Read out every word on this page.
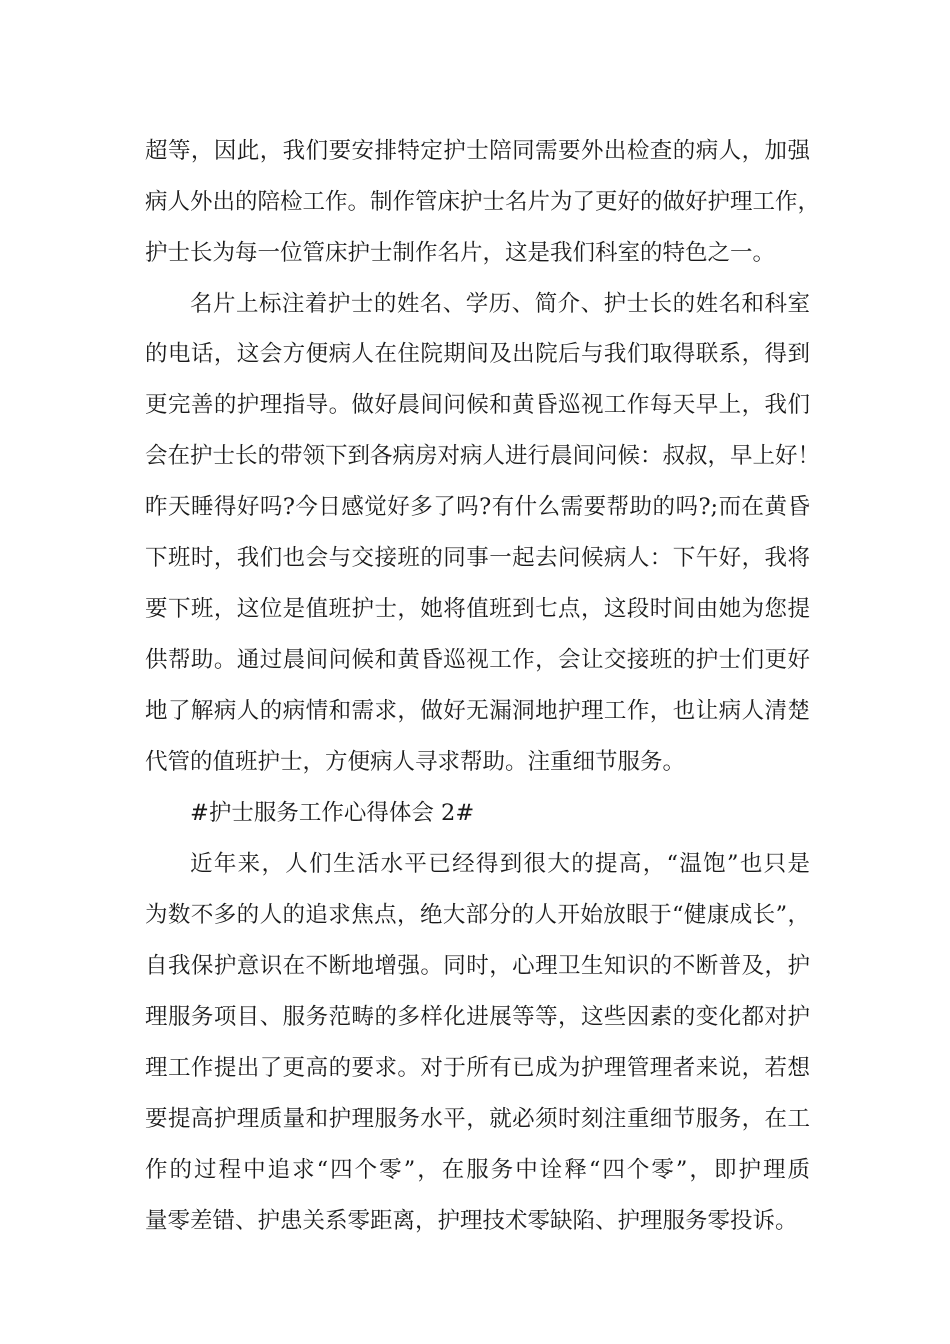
超等，因此，我们要安排特定护士陪同需要外出检查的病人，加强
病人外出的陪检工作。制作管床护士名片为了更好的做好护理工作，
护士长为每一位管床护士制作名片，这是我们科室的特色之一。
名片上标注着护士的姓名、学历、简介、护士长的姓名和科室
的电话，这会方便病人在住院期间及出院后与我们取得联系，得到
更完善的护理指导。做好晨间问候和黄昏巡视工作每天早上，我们
会在护士长的带领下到各病房对病人进行晨间问候：叔叔，早上好！
昨天睡得好吗?今日感觉好多了吗?有什么需要帮助的吗?;而在黄昏
下班时，我们也会与交接班的同事一起去问候病人：下午好，我将
要下班，这位是值班护士，她将值班到七点，这段时间由她为您提
供帮助。通过晨间问候和黄昏巡视工作，会让交接班的护士们更好
地了解病人的病情和需求，做好无漏洞地护理工作，也让病人清楚
代管的值班护士，方便病人寻求帮助。注重细节服务。
#护士服务工作心得体会 2#
近年来，人们生活水平已经得到很大的提高，“温饱”也只是
为数不多的人的追求焦点，绝大部分的人开始放眼于“健康成长”，
自我保护意识在不断地增强。同时，心理卫生知识的不断普及，护
理服务项目、服务范畴的多样化进展等等，这些因素的变化都对护
理工作提出了更高的要求。对于所有已成为护理管理者来说，若想
要提高护理质量和护理服务水平，就必须时刻注重细节服务，在工
作的过程中追求“四个零”，在服务中诠释“四个零”，即护理质
量零差错、护患关系零距离，护理技术零缺陷、护理服务零投诉。
